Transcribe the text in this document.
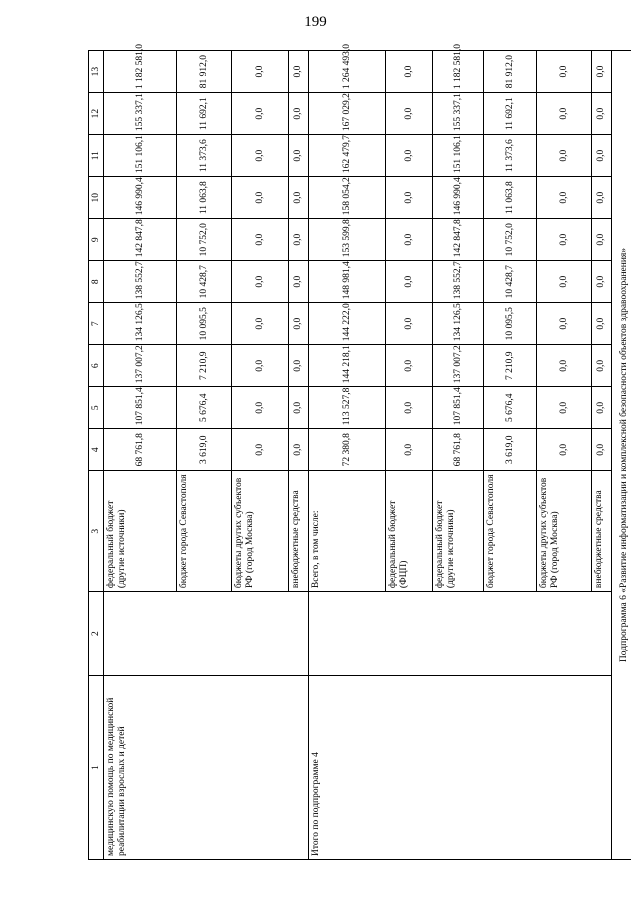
199
1	2	3	4	5	6	7	8	9	10	11	12	13
медицинскую помощь по медицинской реабилитации взрослых и детей		федеральный бюджет (другие источники)	68 761,8	107 851,4	137 007,2	134 126,5	138 552,7	142 847,8	146 990,4	151 106,1	155 337,1	1 182 581,0
		бюджет города Севастополя	3 619,0	5 676,4	7 210,9	10 095,5	10 428,7	10 752,0	11 063,8	11 373,6	11 692,1	81 912,0
		бюджеты других субъектов РФ (город Москва)	0,0	0,0	0,0	0,0	0,0	0,0	0,0	0,0	0,0	0,0
		внебюджетные средства	0,0	0,0	0,0	0,0	0,0	0,0	0,0	0,0	0,0	0,0
Итого по подпрограмме 4		Всего, в том числе:	72 380,8	113 527,8	144 218,1	144 222,0	148 981,4	153 599,8	158 054,2	162 479,7	167 029,2	1 264 493,0
		федеральный бюджет (ФЦП)	0,0	0,0	0,0	0,0	0,0	0,0	0,0	0,0	0,0	0,0
		федеральный бюджет (другие источники)	68 761,8	107 851,4	137 007,2	134 126,5	138 552,7	142 847,8	146 990,4	151 106,1	155 337,1	1 182 581,0
		бюджет города Севастополя	3 619,0	5 676,4	7 210,9	10 095,5	10 428,7	10 752,0	11 063,8	11 373,6	11 692,1	81 912,0
		бюджеты других субъектов РФ (город Москва)	0,0	0,0	0,0	0,0	0,0	0,0	0,0	0,0	0,0	0,0
		внебюджетные средства	0,0	0,0	0,0	0,0	0,0	0,0	0,0	0,0	0,0	0,0
Подпрограмма 6 «Развитие информатизации и комплексной безопасности объектов здравоохранения»												
